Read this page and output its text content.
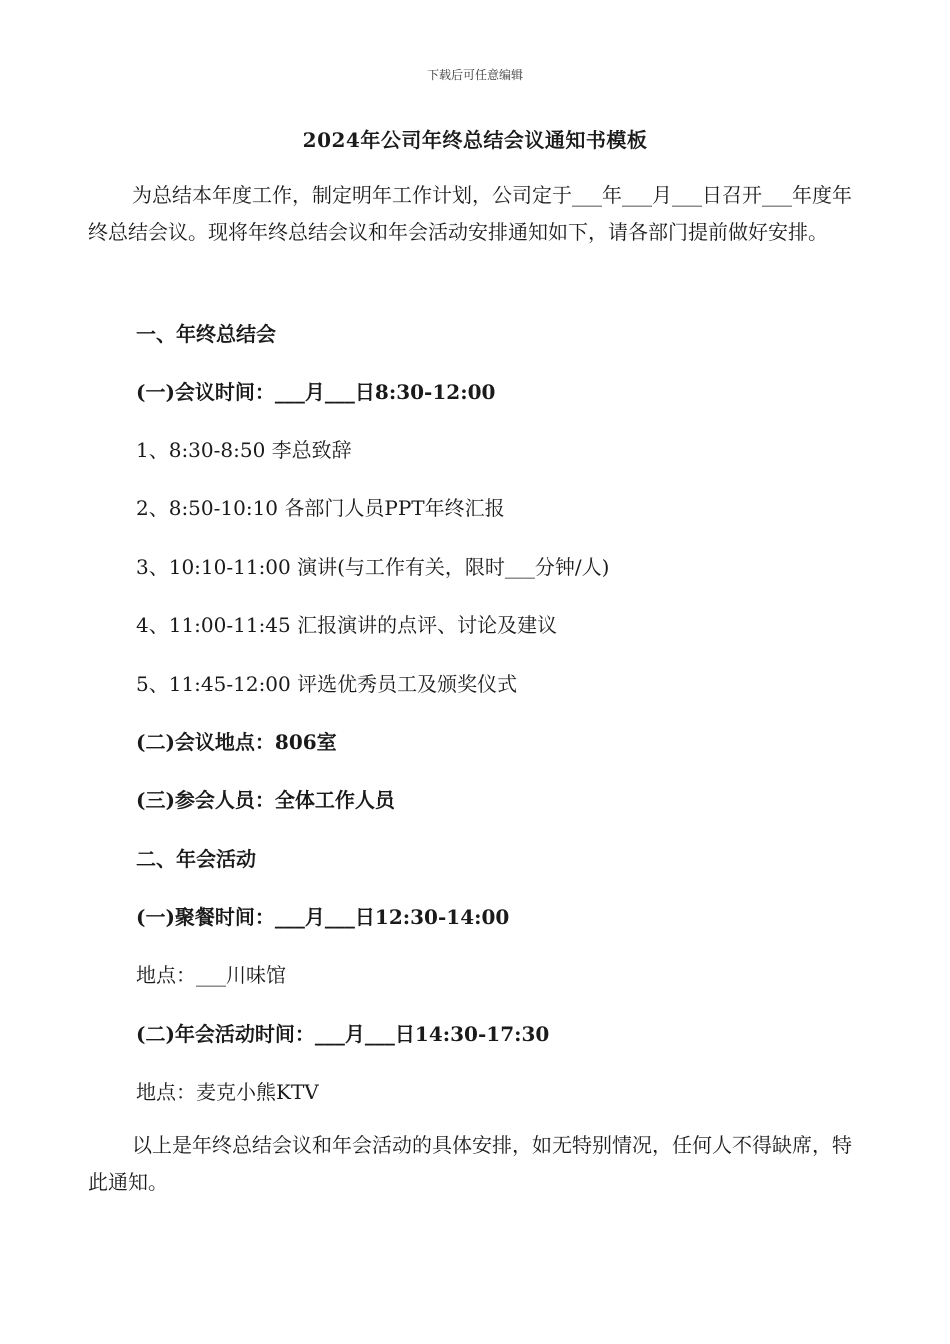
下载后可任意编辑
2024年公司年终总结会议通知书模板
为总结本年度工作，制定明年工作计划，公司定于___年___月___日召开___年度年终总结会议。现将年终总结会议和年会活动安排通知如下，请各部门提前做好安排。
一、年终总结会
(一)会议时间：___月___日8:30-12:00
1、8:30-8:50 李总致辞
2、8:50-10:10 各部门人员PPT年终汇报
3、10:10-11:00 演讲(与工作有关，限时___分钟/人)
4、11:00-11:45 汇报演讲的点评、讨论及建议
5、11:45-12:00 评选优秀员工及颁奖仪式
(二)会议地点：806室
(三)参会人员：全体工作人员
二、年会活动
(一)聚餐时间：___月___日12:30-14:00
地点：___川味馆
(二)年会活动时间：___月___日14:30-17:30
地点：麦克小熊KTV
以上是年终总结会议和年会活动的具体安排，如无特别情况，任何人不得缺席，特此通知。
